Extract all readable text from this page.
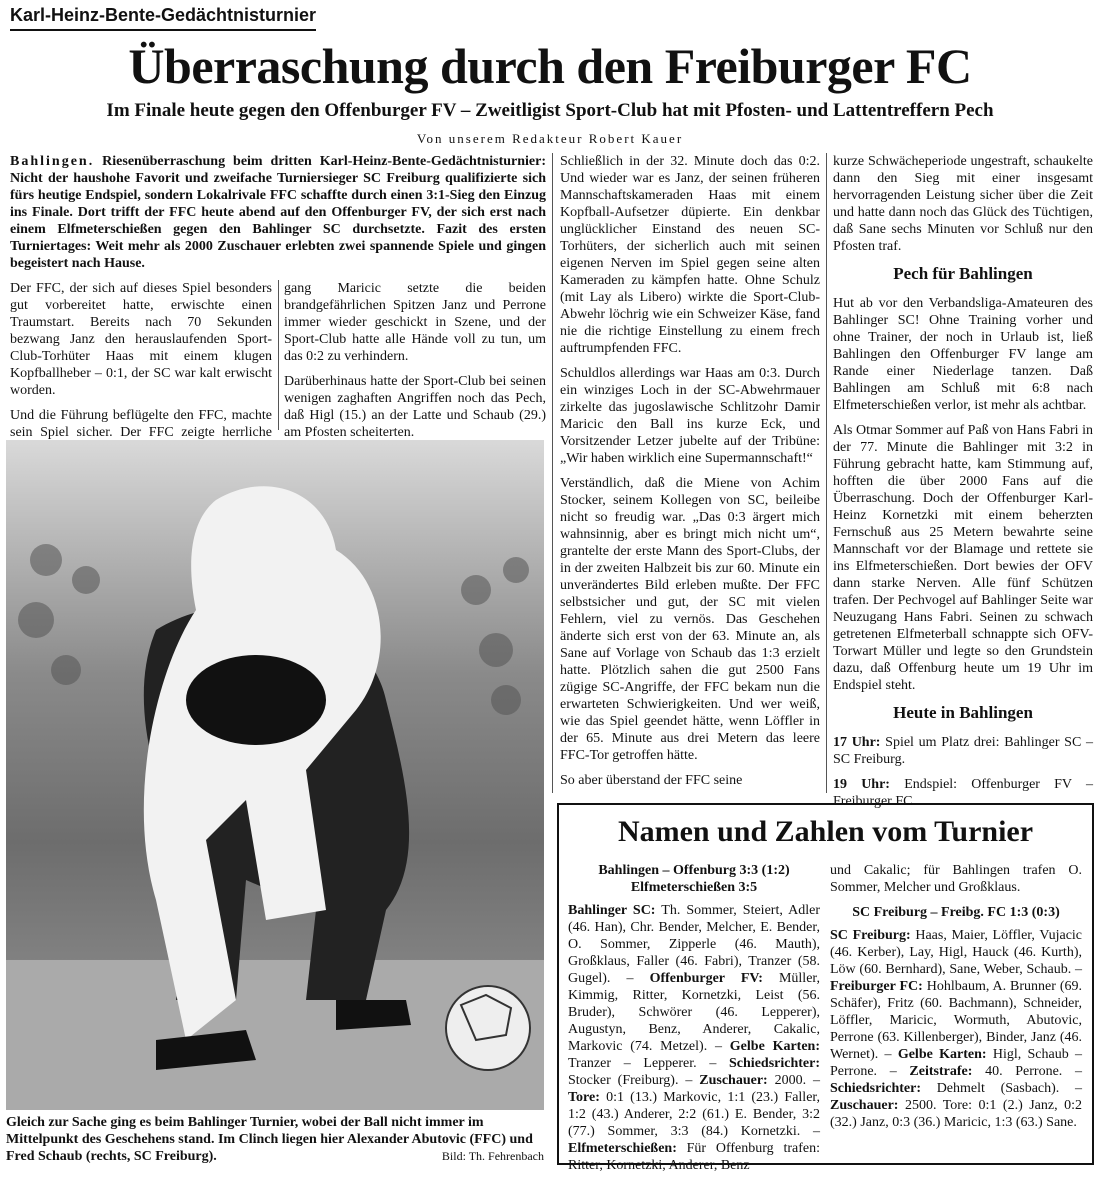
Karl-Heinz-Bente-Gedächtnisturnier
Überraschung durch den Freiburger FC
Im Finale heute gegen den Offenburger FV – Zweitligist Sport-Club hat mit Pfosten- und Lattentreffern Pech
Von unserem Redakteur Robert Kauer
Bahlingen. Riesenüberraschung beim dritten Karl-Heinz-Bente-Gedächtnisturnier: Nicht der haushohe Favorit und zweifache Turniersieger SC Freiburg qualifizierte sich fürs heutige Endspiel, sondern Lokalrivale FFC schaffte durch einen 3:1-Sieg den Einzug ins Finale. Dort trifft der FFC heute abend auf den Offenburger FV, der sich erst nach einem Elfmeterschießen gegen den Bahlinger SC durchsetzte. Fazit des ersten Turniertages: Weit mehr als 2000 Zuschauer erlebten zwei spannende Spiele und gingen begeistert nach Hause.

Der FFC, der sich auf dieses Spiel besonders gut vorbereitet hatte, erwischte einen Traumstart. Bereits nach 70 Sekunden bezwang Janz den herauslaufenden Sport-Club-Torhüter Haas mit einem klugen Kopfballheber – 0:1, der SC war kalt erwischt worden.

Und die Führung beflügelte den FFC, machte sein Spiel sicher. Der FFC zeigte herrliche

gang Maricic setzte die beiden brandgefährlichen Spitzen Janz und Perrone immer wieder geschickt in Szene, und der Sport-Club hatte alle Hände voll zu tun, um das 0:2 zu verhindern.

Darüberhinaus hatte der Sport-Club bei seinen wenigen zaghaften Angriffen noch das Pech, daß Higl (15.) an der Latte und Schaub (29.) am Pfosten scheiterten.

Schließlich in der 32. Minute doch das 0:2. Und wieder war es Janz, der seinen früheren Mannschaftskameraden Haas mit einem Kopfball-Aufsetzer düpierte. Ein denkbar unglücklicher Einstand des neuen SC-Torhüters, der sicherlich auch mit seinen eigenen Nerven im Spiel gegen seine alten Kameraden zu kämpfen hatte. Ohne Schulz (mit Lay als Libero) wirkte die Sport-Club-Abwehr löchrig wie ein Schweizer Käse, fand nie die richtige Einstellung zu einem frech auftrumpfenden FFC.

Schuldlos allerdings war Haas am 0:3. Durch ein winziges Loch in der SC-Abwehrmauer zirkelte das jugoslawische Schlitzohr Damir Maricic den Ball ins kurze Eck, und Vorsitzender Letzer jubelte auf der Tribüne: „Wir haben wirklich eine Supermannschaft!“

Verständlich, daß die Miene von Achim Stocker, seinem Kollegen von SC, beileibe nicht so freudig war. „Das 0:3 ärgert mich wahnsinnig, aber es bringt mich nicht um“, grantelte der erste Mann des Sport-Clubs, der in der zweiten Halbzeit bis zur 60. Minute ein unverändertes Bild erleben mußte. Der FFC selbstsicher und gut, der SC mit vielen Fehlern, viel zu vernös. Das Geschehen änderte sich erst von der 63. Minute an, als Sane auf Vorlage von Schaub das 1:3 erzielt hatte. Plötzlich sahen die gut 2500 Fans zügige SC-Angriffe, der FFC bekam nun die erwarteten Schwierigkeiten. Und wer weiß, wie das Spiel geendet hätte, wenn Löffler in der 65. Minute aus drei Metern das leere FFC-Tor getroffen hätte.

So aber überstand der FFC seine

kurze Schwächeperiode ungestraft, schaukelte dann den Sieg mit einer insgesamt hervorragenden Leistung sicher über die Zeit und hatte dann noch das Glück des Tüchtigen, daß Sane sechs Minuten vor Schluß nur den Pfosten traf.

Pech für Bahlingen

Hut ab vor den Verbandsliga-Amateuren des Bahlinger SC! Ohne Training vorher und ohne Trainer, der noch in Urlaub ist, ließ Bahlingen den Offenburger FV lange am Rande einer Niederlage tanzen. Daß Bahlingen am Schluß mit 6:8 nach Elfmeterschießen verlor, ist mehr als achtbar.

Als Otmar Sommer auf Paß von Hans Fabri in der 77. Minute die Bahlinger mit 3:2 in Führung gebracht hatte, kam Stimmung auf, hofften die über 2000 Fans auf die Überraschung. Doch der Offenburger Karl-Heinz Kornetzki mit einem beherzten Fernschuß aus 25 Metern bewahrte seine Mannschaft vor der Blamage und rettete sie ins Elfmeterschießen. Dort bewies der OFV dann starke Nerven. Alle fünf Schützen trafen. Der Pechvogel auf Bahlinger Seite war Neuzugang Hans Fabri. Seinen zu schwach getretenen Elfmeterball schnappte sich OFV-Torwart Müller und legte so den Grundstein dazu, daß Offenburg heute um 19 Uhr im Endspiel steht.

Heute in Bahlingen

17 Uhr: Spiel um Platz drei: Bahlinger SC – SC Freiburg.

19 Uhr: Endspiel: Offenburger FV – Freiburger FC.

Gleich zur Sache ging es beim Bahlinger Turnier, wobei der Ball nicht immer im Mittelpunkt des Geschehens stand. Im Clinch liegen hier Alexander Abutovic (FFC) und Fred Schaub (rechts, SC Freiburg).	Bild: Th. Fehrenbach
Namen und Zahlen vom Turnier
Bahlingen – Offenburg 3:3 (1:2)
Elfmeterschießen 3:5

Bahlinger SC: Th. Sommer, Steiert, Adler (46. Han), Chr. Bender, Melcher, E. Bender, O. Sommer, Zipperle (46. Mauth), Großklaus, Faller (46. Fabri), Tranzer (58. Gugel). – Offenburger FV: Müller, Kimmig, Ritter, Kornetzki, Leist (56. Bruder), Schwörer (46. Lepperer), Augustyn, Benz, Anderer, Cakalic, Markovic (74. Metzel). – Gelbe Karten: Tranzer – Lepperer. – Schiedsrichter: Stocker (Freiburg). – Zuschauer: 2000. – Tore: 0:1 (13.) Markovic, 1:1 (23.) Faller, 1:2 (43.) Anderer, 2:2 (61.) E. Bender, 3:2 (77.) Sommer, 3:3 (84.) Kornetzki. – Elfmeterschießen: Für Offenburg trafen: Ritter, Kornetzki, Anderer, Benz

und Cakalic; für Bahlingen trafen O. Sommer, Melcher und Großklaus.

SC Freiburg – Freibg. FC 1:3 (0:3)

SC Freiburg: Haas, Maier, Löffler, Vujacic (46. Kerber), Lay, Higl, Hauck (46. Kurth), Löw (60. Bernhard), Sane, Weber, Schaub. – Freiburger FC: Hohlbaum, A. Brunner (69. Schäfer), Fritz (60. Bachmann), Schneider, Löffler, Maricic, Wormuth, Abutovic, Perrone (63. Killenberger), Binder, Janz (46. Wernet). – Gelbe Karten: Higl, Schaub – Perrone. – Zeitstrafe: 40. Perrone. – Schiedsrichter: Dehmelt (Sasbach). – Zuschauer: 2500. Tore: 0:1 (2.) Janz, 0:2 (32.) Janz, 0:3 (36.) Maricic, 1:3 (63.) Sane.
